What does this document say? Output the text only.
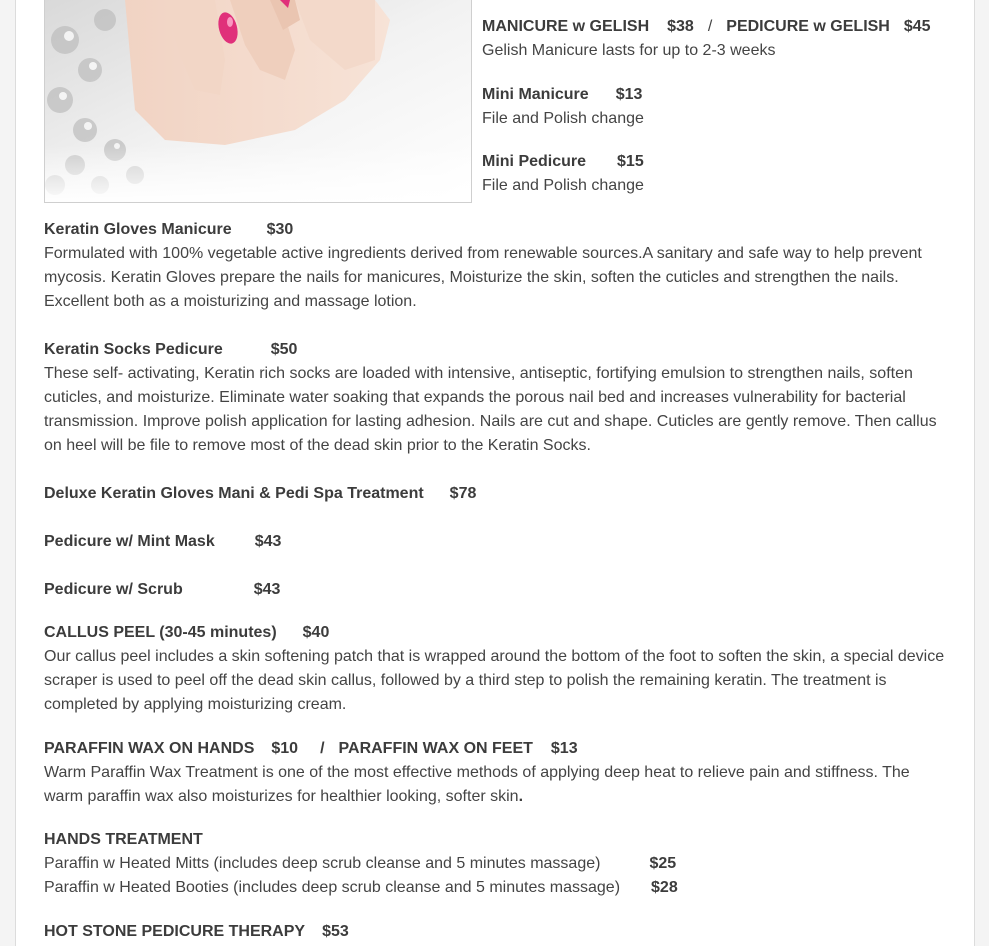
MANICURE w GELISH $38 / PEDICURE w GELISH $45
Gelish Manicure lasts for up to 2-3 weeks
Mini Manicure $13
File and Polish change
Mini Pedicure $15
File and Polish change
Keratin Gloves Manicure $30
Formulated with 100% vegetable active ingredients derived from renewable sources.A sanitary and safe way to help prevent
mycosis. Keratin Gloves prepare the nails for manicures, Moisturize the skin, soften the cuticles and strengthen the nails.
Excellent both as a moisturizing and massage lotion.
Keratin Socks Pedicure	$50
These self- activating, Keratin rich socks are loaded with intensive, antiseptic, fortifying emulsion to strengthen nails, soften
cuticles, and moisturize. Eliminate water soaking that expands the porous nail bed and increases vulnerability for bacterial
transmission. Improve polish application for lasting adhesion. Nails are cut and shape. Cuticles are gently remove. Then callus
on heel will be file to remove most of the dead skin prior to the Keratin Socks.
Deluxe Keratin Gloves Mani & Pedi Spa Treatment $78
Pedicure w/ Mint Mask	$43
Pedicure w/ Scrub	$43
CALLUS PEEL (30-45 minutes) $40
Our callus peel includes a skin softening patch that is wrapped around the bottom of the foot to soften the skin, a special device
scraper is used to peel off the dead skin callus, followed by a third step to polish the remaining keratin. The treatment is
completed by applying moisturizing cream.
PARAFFIN WAX ON HANDS $10 / PARAFFIN WAX ON FEET $13
Warm Paraffin Wax Treatment is one of the most effective methods of applying deep heat to relieve pain and stiffness. The
warm paraffin wax also moisturizes for healthier looking, softer skin.
HANDS TREATMENT
Paraffin w Heated Mitts (includes deep scrub cleanse and 5 minutes massage)	$25
Paraffin w Heated Booties (includes deep scrub cleanse and 5 minutes massage) $28
HOT STONE PEDICURE THERAPY $53
